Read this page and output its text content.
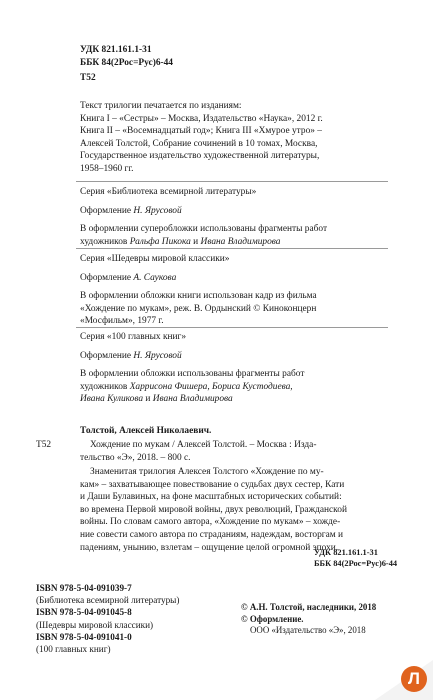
УДК 821.161.1-31
ББК 84(2Рос=Рус)6-44
Т52
Текст трилогии печатается по изданиям:
Книга I – «Сестры» – Москва, Издательство «Наука», 2012 г.
Книга II – «Восемнадцатый год»; Книга III «Хмурое утро» –
Алексей Толстой, Собрание сочинений в 10 томах, Москва,
Государственное издательство художественной литературы,
1958–1960 гг.
Серия «Библиотека всемирной литературы»
Оформление Н. Ярусовой
В оформлении суперобложки использованы фрагменты работ
художников Ральфа Пикока и Ивана Владимирова
Серия «Шедевры мировой классики»
Оформление А. Саукова
В оформлении обложки книги использован кадр из фильма
«Хождение по мукам», реж. В. Ордынский © Киноконцерн
«Мосфильм», 1977 г.
Серия «100 главных книг»
Оформление Н. Ярусовой
В оформлении обложки использованы фрагменты работ
художников Харрисона Фишера, Бориса Кустодиева,
Ивана Куликова и Ивана Владимирова
Толстой, Алексей Николаевич.
Т52	Хождение по мукам / Алексей Толстой. – Москва : Изда-
тельство «Э», 2018. – 800 с.
Знаменитая трилогия Алексея Толстого «Хождение по му-
кам» – захватывающее повествование о судьбах двух сестер, Кати
и Даши Булавиных, на фоне масштабных исторических событий:
во времена Первой мировой войны, двух революций, Гражданской
войны. По словам самого автора, «Хождение по мукам» – хожде-
ние совести самого автора по страданиям, надеждам, восторгам и
падениям, унынию, взлетам – ощущение целой огромной эпохи.
УДК 821.161.1-31
ББК 84(2Рос=Рус)6-44
ISBN 978-5-04-091039-7
(Библиотека всемирной литературы)
ISBN 978-5-04-091045-8
(Шедевры мировой классики)
ISBN 978-5-04-091041-0
(100 главных книг)
© А.Н. Толстой, наследники, 2018
© Оформление.
ООО «Издательство «Э», 2018
Л
